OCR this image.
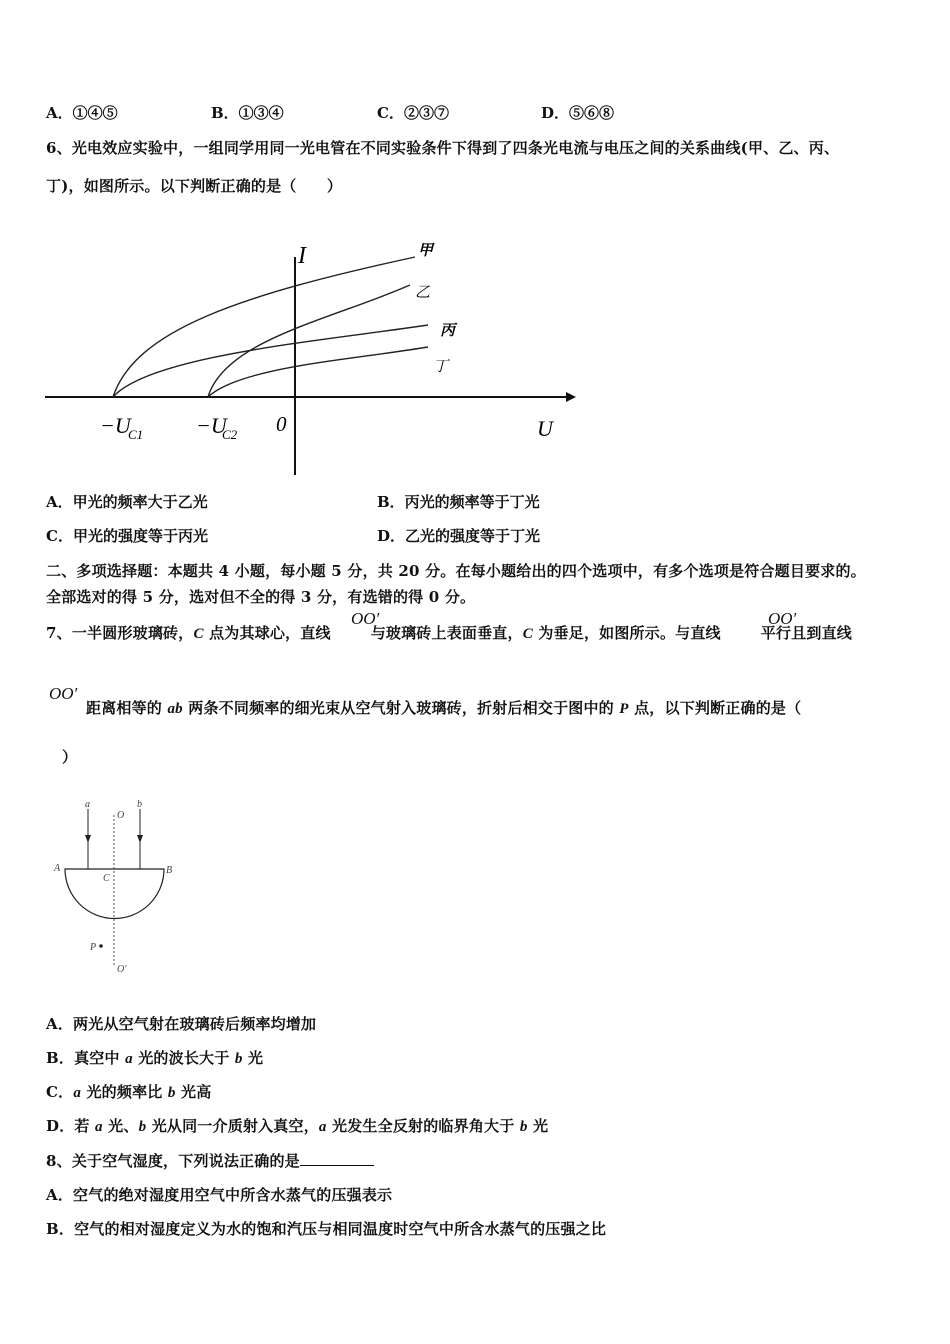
A．①④⑤	B．①③④	C．②③⑦	D．⑤⑥⑧
6、光电效应实验中，一组同学用同一光电管在不同实验条件下得到了四条光电流与电压之间的关系曲线(甲、乙、丙、
丁)，如图所示。以下判断正确的是（　　）
I
U
0
甲
乙
丙
丁
−U
C1 −U
C2
A．甲光的频率大于乙光	B．丙光的频率等于丁光
C．甲光的强度等于丙光	D．乙光的强度等于丁光
二、多项选择题：本题共 4 小题，每小题 5 分，共 20 分。在每小题给出的四个选项中，有多个选项是符合题目要求的。
全部选对的得 5 分，选对但不全的得 3 分，有选错的得 0 分。
7、一半圆形玻璃砖，C 点为其球心，直线	与玻璃砖上表面垂直，C 为垂足，如图所示。与直线	平行且到直线
OO′	OO′
OO′
距离相等的 ab 两条不同频率的细光束从空气射入玻璃砖，折射后相交于图中的 P 点，以下判断正确的是（
）
a	b
O
A	B
C
P
O′
A．两光从空气射在玻璃砖后频率均增加
B．真空中 a 光的波长大于 b 光
C．a 光的频率比 b 光高
D．若 a 光、b 光从同一介质射入真空，a 光发生全反射的临界角大于 b 光
8、关于空气湿度，下列说法正确的是
A．空气的绝对湿度用空气中所含水蒸气的压强表示
B．空气的相对湿度定义为水的饱和汽压与相同温度时空气中所含水蒸气的压强之比
